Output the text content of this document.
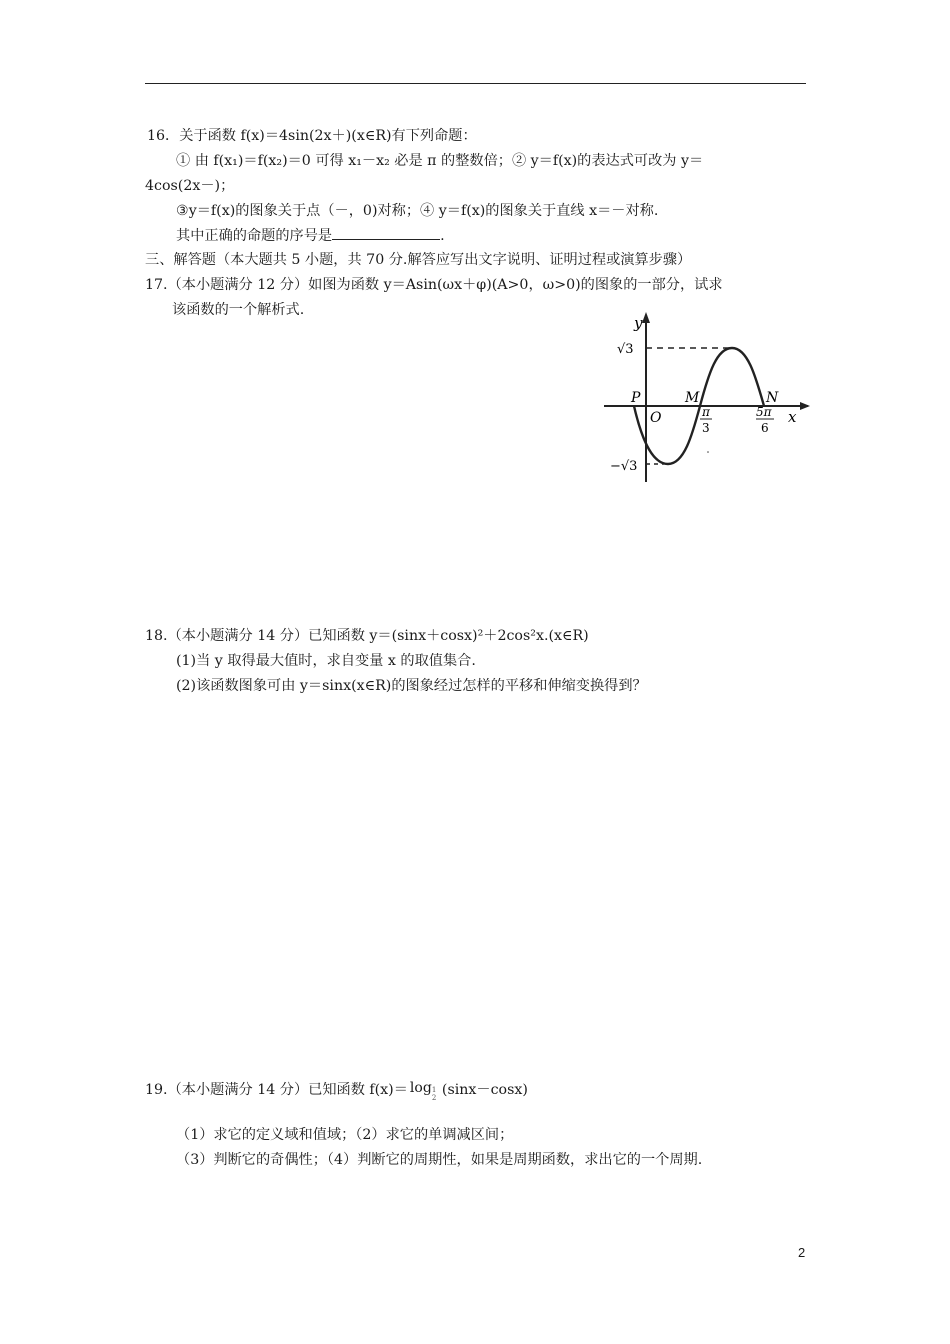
16．关于函数 f(x)＝4sin(2x＋)(x∈R)有下列命题：
① 由 f(x₁)＝f(x₂)＝0 可得 x₁－x₂ 必是 π 的整数倍；② y＝f(x)的表达式可改为 y＝
4cos(2x－)；
③y＝f(x)的图象关于点（－，0)对称；④ y＝f(x)的图象关于直线 x＝－对称.
其中正确的命题的序号是	.
三、解答题（本大题共 5 小题，共 70 分.解答应写出文字说明、证明过程或演算步骤）
17.（本小题满分 12 分）如图为函数 y＝Asin(ωx＋φ)(A>0，ω>0)的图象的一部分，试求
该函数的一个解析式.
y
x
√3
−√3
O
P	M	N
π
3
5π
6
18.（本小题满分 14 分）已知函数 y＝(sinx＋cosx)²＋2cos²x.(x∈R)
(1)当 y 取得最大值时，求自变量 x 的取值集合.
(2)该函数图象可由 y＝sinx(x∈R)的图象经过怎样的平移和伸缩变换得到？
19.（本小题满分 14 分）已知函数 f(x)＝ log 1
2 (sinx－cosx)
（1）求它的定义域和值域；（2）求它的单调减区间；
（3）判断它的奇偶性；（4）判断它的周期性，如果是周期函数，求出它的一个周期.
2
